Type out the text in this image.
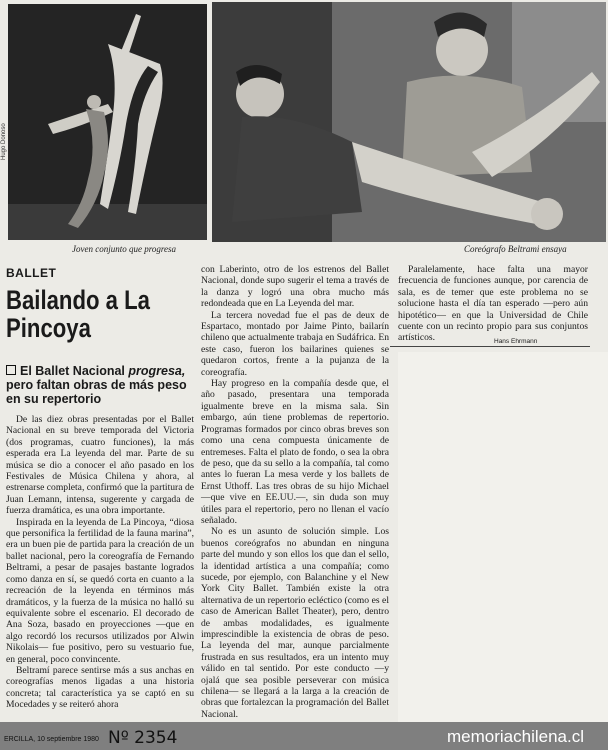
Hugo Donoso
Joven conjunto que progresa	Coreógrafo Beltrami ensaya
BALLET
Bailando a La Pincoya
El Ballet Nacional progresa, pero faltan obras de más peso en su repertorio

De las diez obras presentadas por el Ballet Nacional en su breve temporada del Victoria (dos programas, cuatro funciones), la más esperada era La leyenda del mar. Parte de su música se dio a conocer el año pasado en los Festivales de Música Chilena y ahora, al estrenarse completa, confirmó que la partitura de Juan Lemann, intensa, sugerente y cargada de fuerza dramática, es una obra importante.

Inspirada en la leyenda de La Pincoya, “diosa que personifica la fertilidad de la fauna marina”, era un buen pie de partida para la creación de un ballet nacional, pero la coreografía de Fernando Beltrami, a pesar de pasajes bastante logrados como danza en sí, se quedó corta en cuanto a la recreación de la leyenda en términos más dramáticos, y la fuerza de la música no halló su equivalente sobre el escenario. El decorado de Ana Soza, basado en proyecciones —que en algo recordó los recursos utilizados por Alwin Nikolais— fue positivo, pero su vestuario fue, en general, poco convincente.

Beltramí parece sentirse más a sus anchas en coreografías menos ligadas a una historia concreta; tal característica ya se captó en su Mocedades y se reiteró ahora

con Laberinto, otro de los estrenos del Ballet Nacional, donde supo sugerir el tema a través de la danza y logró una obra mucho más redondeada que en La Leyenda del mar.

La tercera novedad fue el pas de deux de Espartaco, montado por Jaime Pinto, bailarín chileno que actualmente trabaja en Sudáfrica. En este caso, fueron los bailarines quienes se quedaron cortos, frente a la pujanza de la coreografía.

Hay progreso en la compañía desde que, el año pasado, presentara una temporada igualmente breve en la misma sala. Sin embargo, aún tiene problemas de repertorio. Programas formados por cinco obras breves son como una cena compuesta únicamente de entremeses. Falta el plato de fondo, o sea la obra de peso, que da su sello a la compañía, tal como antes lo fueran La mesa verde y los ballets de Ernst Uthoff. Las tres obras de su hijo Michael —que vive en EE.UU.—, sin duda son muy útiles para el repertorio, pero no llenan el vacío señalado.

No es un asunto de solución simple. Los buenos coreógrafos no abundan en ninguna parte del mundo y son ellos los que dan el sello, la identidad artística a una compañía; como sucede, por ejemplo, con Balanchine y el New York City Ballet. También existe la otra alternativa de un repertorio ecléctico (como es el caso de American Ballet Theater), pero, dentro de ambas modalidades, es igualmente imprescindible la existencia de obras de peso. La leyenda del mar, aunque parcialmente frustrada en sus resultados, era un intento muy válido en tal sentido. Por este conducto —y ojalá que sea posible perseverar con música chilena— se llegará a la larga a la creación de obras que fortalezcan la programación del Ballet Nacional.

Paralelamente, hace falta una mayor frecuencia de funciones aunque, por carencia de sala, es de temer que este problema no se solucione hasta el día tan esperado —pero aún hipotético— en que la Universidad de Chile cuente con un recinto propio para sus conjuntos artísticos.	Hans Ehrmann
ERCILLA, 10 septiembre 1980 Nº 2354	memoriachilena.cl
